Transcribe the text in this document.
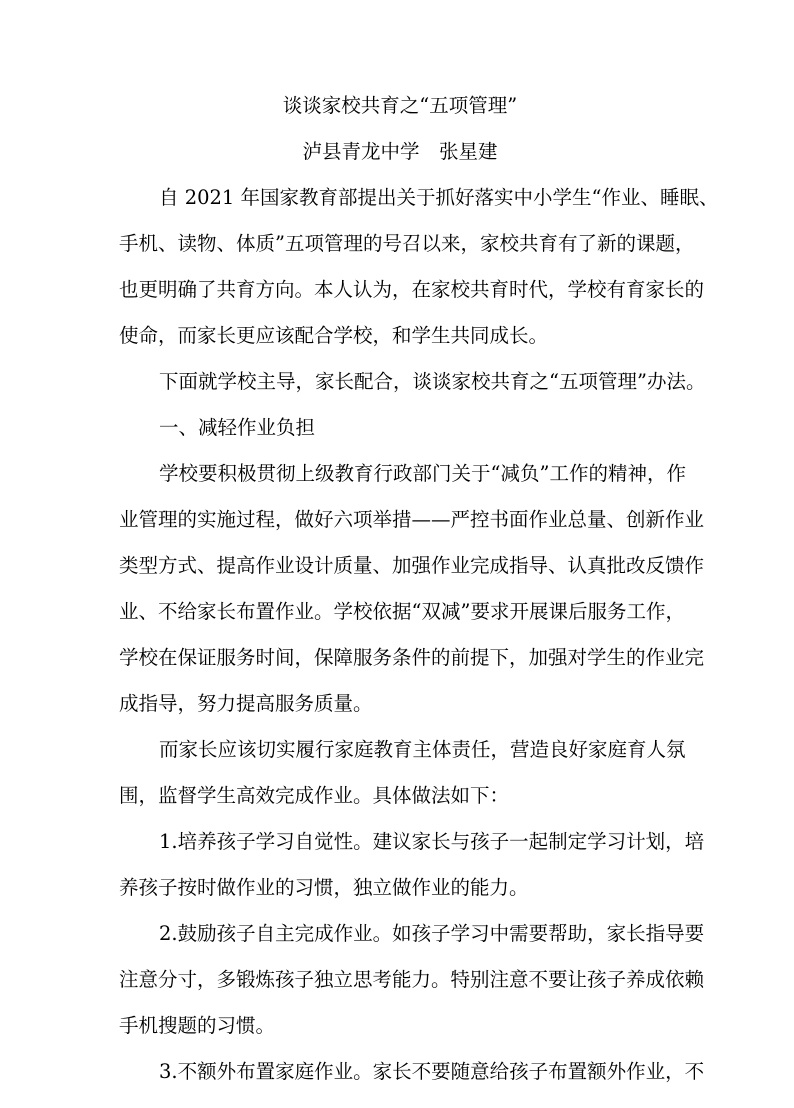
谈谈家校共育之“五项管理”

泸县青龙中学　张星建

自 2021 年国家教育部提出关于抓好落实中小学生“作业、睡眠、

手机、读物、体质”五项管理的号召以来，家校共育有了新的课题，

也更明确了共育方向。本人认为，在家校共育时代，学校有育家长的

使命，而家长更应该配合学校，和学生共同成长。

下面就学校主导，家长配合，谈谈家校共育之“五项管理”办法。

一、减轻作业负担

学校要积极贯彻上级教育行政部门关于“减负”工作的精神，作

业管理的实施过程，做好六项举措——严控书面作业总量、创新作业

类型方式、提高作业设计质量、加强作业完成指导、认真批改反馈作

业、不给家长布置作业。学校依据“双减”要求开展课后服务工作，

学校在保证服务时间，保障服务条件的前提下，加强对学生的作业完

成指导，努力提高服务质量。

而家长应该切实履行家庭教育主体责任，营造良好家庭育人氛

围，监督学生高效完成作业。具体做法如下：

1.培养孩子学习自觉性。建议家长与孩子一起制定学习计划，培

养孩子按时做作业的习惯，独立做作业的能力。

2.鼓励孩子自主完成作业。如孩子学习中需要帮助，家长指导要

注意分寸，多锻炼孩子独立思考能力。特别注意不要让孩子养成依赖

手机搜题的习惯。

3.不额外布置家庭作业。家长不要随意给孩子布置额外作业，不
